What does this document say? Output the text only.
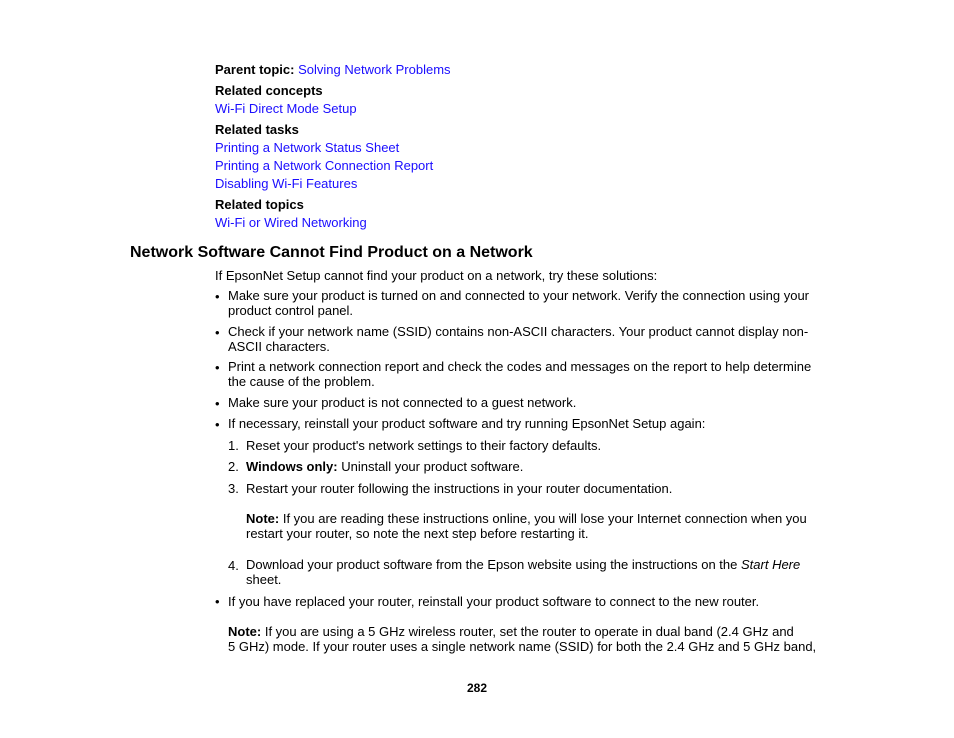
Parent topic: Solving Network Problems
Related concepts
Wi-Fi Direct Mode Setup
Related tasks
Printing a Network Status Sheet
Printing a Network Connection Report
Disabling Wi-Fi Features
Related topics
Wi-Fi or Wired Networking
Network Software Cannot Find Product on a Network
If EpsonNet Setup cannot find your product on a network, try these solutions:
• Make sure your product is turned on and connected to your network. Verify the connection using your
product control panel.
• Check if your network name (SSID) contains non-ASCII characters. Your product cannot display non-
ASCII characters.
• Print a network connection report and check the codes and messages on the report to help determine
the cause of the problem.
• Make sure your product is not connected to a guest network.
• If necessary, reinstall your product software and try running EpsonNet Setup again:
1. Reset your product's network settings to their factory defaults.
2. Windows only: Uninstall your product software.
3. Restart your router following the instructions in your router documentation.
Note: If you are reading these instructions online, you will lose your Internet connection when you
restart your router, so note the next step before restarting it.
4. Download your product software from the Epson website using the instructions on the Start Here
sheet.
• If you have replaced your router, reinstall your product software to connect to the new router.
Note: If you are using a 5 GHz wireless router, set the router to operate in dual band (2.4 GHz and
5 GHz) mode. If your router uses a single network name (SSID) for both the 2.4 GHz and 5 GHz band,
282
